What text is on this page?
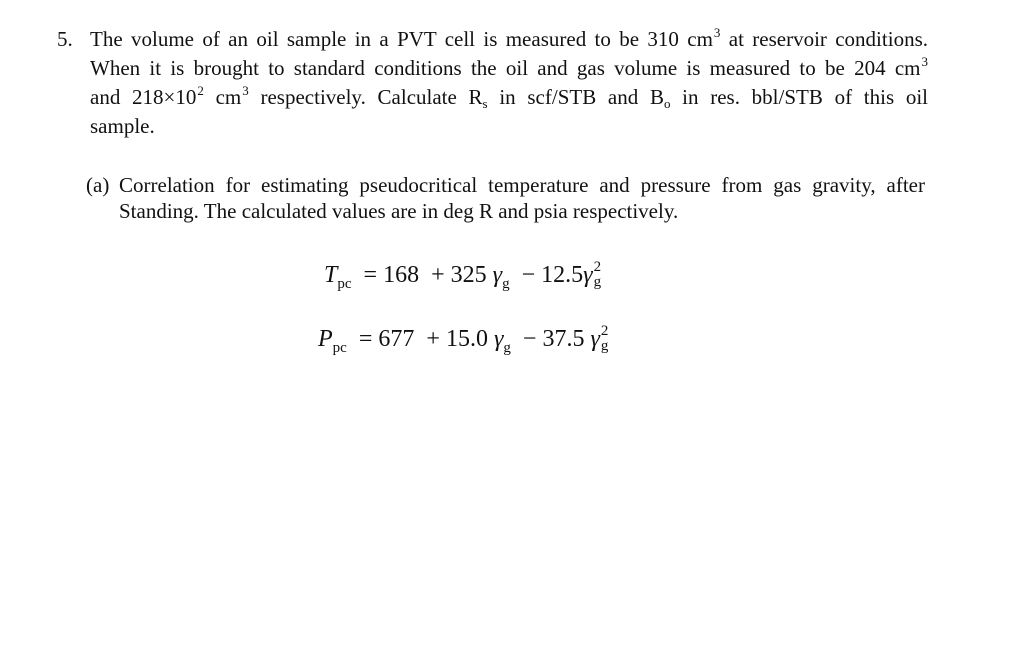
5. The volume of an oil sample in a PVT cell is measured to be 310 $cm^3$ at reservoir conditions.
When it is brought to standard conditions the oil and gas volume is measured to be 204 $cm^3$
and $218\times 10^2$ $cm^3$ respectively. Calculate $R_s$ in scf/STB and $B_o$ in res. bbl/STB of this oil
sample.
(a) Correlation for estimating pseudocritical temperature and pressure from gas gravity, after
Standing. The calculated values are in deg R and psia respectively.
$T_{pc} = 168 + 325$ $\gamma_g - 12.5\gamma$ 2
g
$P_{pc} = 677 + 15.0$ $\gamma_g - 37.5$ γ 2
g
